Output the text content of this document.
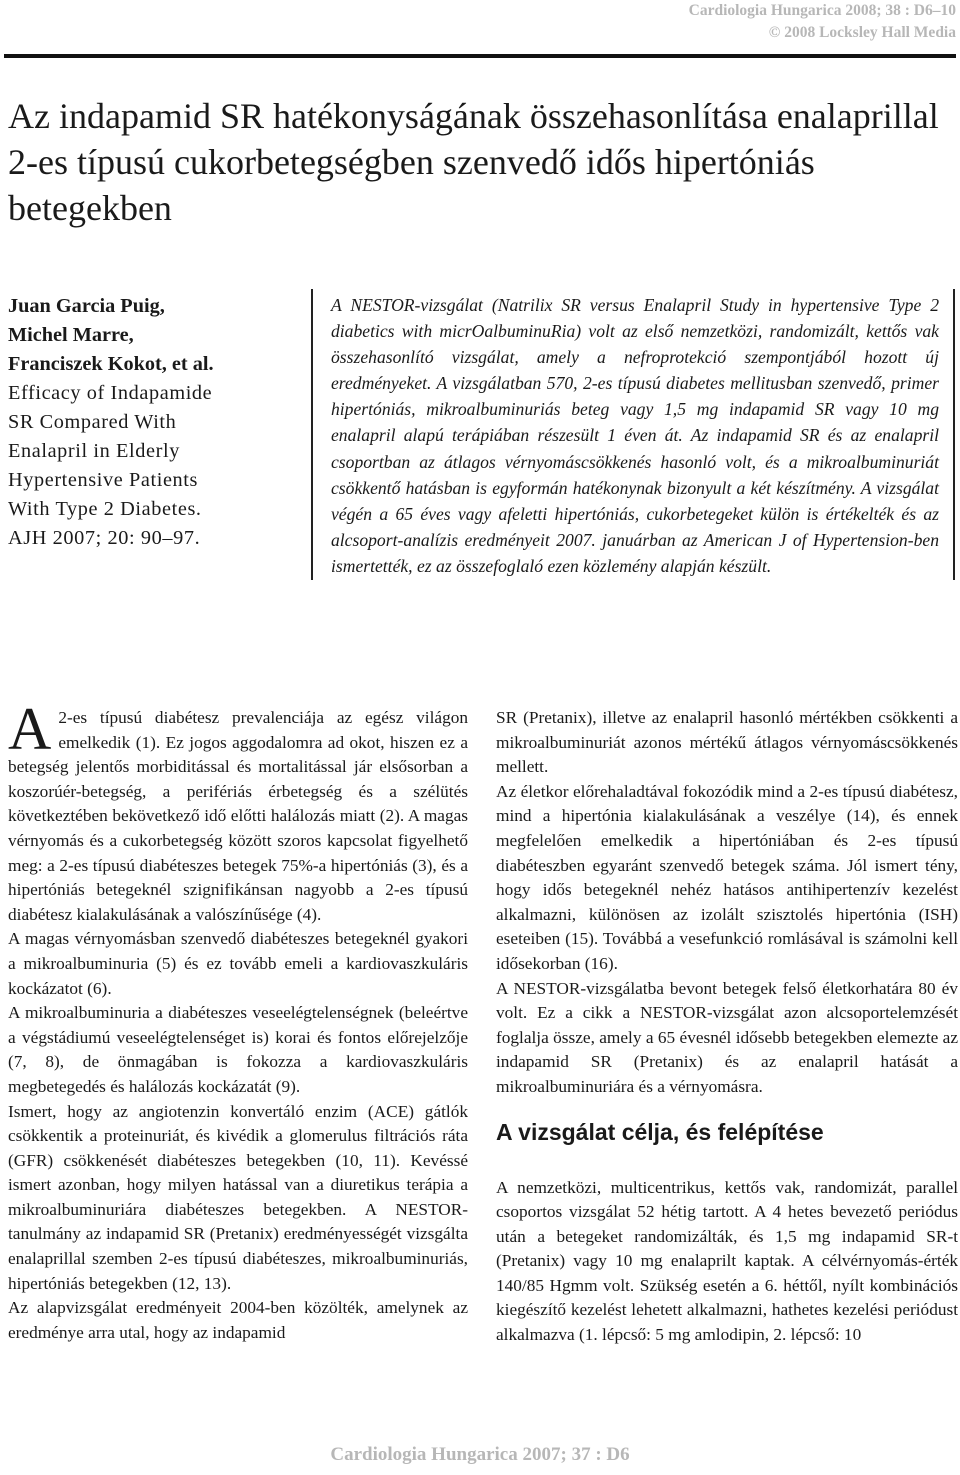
Cardiologia Hungarica 2008; 38 : D6–10
© 2008 Locksley Hall Media
Az indapamid SR hatékonyságának összehasonlítása enalaprillal 2-es típusú cukorbetegségben szenvedő idős hipertóniás betegekben
Juan Garcia Puig,
Michel Marre,
Franciszek Kokot, et al.
Efficacy of Indapamide
SR Compared With
Enalapril in Elderly
Hypertensive Patients
With Type 2 Diabetes.
AJH 2007; 20: 90–97.

A NESTOR-vizsgálat (Natrilix SR versus Enalapril Study in hypertensive Type 2 diabetics with micrOalbuminuRia) volt az első nemzetközi, randomizált, kettős vak összehasonlító vizsgálat, amely a nefroprotekció szempontjából hozott új eredményeket. A vizsgálatban 570, 2-es típusú diabetes mellitusban szenvedő, primer hipertóniás, mikroalbuminuriás beteg vagy 1,5 mg indapamid SR vagy 10 mg enalapril alapú terápiában részesült 1 éven át. Az indapamid SR és az enalapril csoportban az átlagos vérnyomáscsökkenés hasonló volt, és a mikroalbuminuriát csökkentő hatásban is egyformán hatékonynak bizonyult a két készítmény. A vizsgálat végén a 65 éves vagy afeletti hipertóniás, cukorbetegeket külön is értékelték és az alcsoport-analízis eredményeit 2007. januárban az American J of Hypertension-ben ismertették, ez az összefoglaló ezen közlemény alapján készült.

A 2-es típusú diabétesz prevalenciája az egész világon emelkedik (1). Ez jogos aggodalomra ad okot, hiszen ez a betegség jelentős morbiditással és mortalitással jár elsősorban a koszorúér-betegség, a perifériás érbetegség és a szélütés következtében bekövetkező idő előtti halálozás miatt (2). A magas vérnyomás és a cukorbetegség között szoros kapcsolat figyelhető meg: a 2-es típusú diabéteszes betegek 75%-a hipertóniás (3), és a hipertóniás betegeknél szignifikánsan nagyobb a 2-es típusú diabétesz kialakulásának a valószínűsége (4).

A magas vérnyomásban szenvedő diabéteszes betegeknél gyakori a mikroalbuminuria (5) és ez tovább emeli a kardiovaszkuláris kockázatot (6).

A mikroalbuminuria a diabéteszes veseelégtelenségnek (beleértve a végstádiumú veseelégtelenséget is) korai és fontos előrejelzője (7, 8), de önmagában is fokozza a kardiovaszkuláris megbetegedés és halálozás kockázatát (9).

Ismert, hogy az angiotenzin konvertáló enzim (ACE) gátlók csökkentik a proteinuriát, és kivédik a glomerulus filtrációs ráta (GFR) csökkenését diabéteszes betegekben (10, 11). Kevéssé ismert azonban, hogy milyen hatással van a diuretikus terápia a mikroalbuminuriára diabéteszes betegekben. A NESTOR-tanulmány az indapamid SR (Pretanix) eredményességét vizsgálta enalaprillal szemben 2-es típusú diabéteszes, mikroalbuminuriás, hipertóniás betegekben (12, 13).

Az alapvizsgálat eredményeit 2004-ben közölték, amelynek az eredménye arra utal, hogy az indapamid

SR (Pretanix), illetve az enalapril hasonló mértékben csökkenti a mikroalbuminuriát azonos mértékű átlagos vérnyomáscsökkenés mellett.

Az életkor előrehaladtával fokozódik mind a 2-es típusú diabétesz, mind a hipertónia kialakulásának a veszélye (14), és ennek megfelelően emelkedik a hipertóniában és 2-es típusú diabéteszben egyaránt szenvedő betegek száma. Jól ismert tény, hogy idős betegeknél nehéz hatásos antihipertenzív kezelést alkalmazni, különösen az izolált szisztolés hipertónia (ISH) eseteiben (15). Továbbá a vesefunkció romlásával is számolni kell idősekorban (16).

A NESTOR-vizsgálatba bevont betegek felső életkorhatára 80 év volt. Ez a cikk a NESTOR-vizsgálat azon alcsoportelemzését foglalja össze, amely a 65 évesnél idősebb betegekben elemezte az indapamid SR (Pretanix) és az enalapril hatását a mikroalbuminuriára és a vérnyomásra.

A vizsgálat célja, és felépítése

A nemzetközi, multicentrikus, kettős vak, randomizát, parallel csoportos vizsgálat 52 hétig tartott. A 4 hetes bevezető periódus után a betegeket randomizálták, és 1,5 mg indapamid SR-t (Pretanix) vagy 10 mg enalaprilt kaptak. A célvérnyomás-érték 140/85 Hgmm volt. Szükség esetén a 6. héttől, nyílt kombinációs kiegészítő kezelést lehetett alkalmazni, hathetes kezelési periódust alkalmazva (1. lépcső: 5 mg amlodipin, 2. lépcső: 10

Cardiologia Hungarica 2007; 37 : D6
